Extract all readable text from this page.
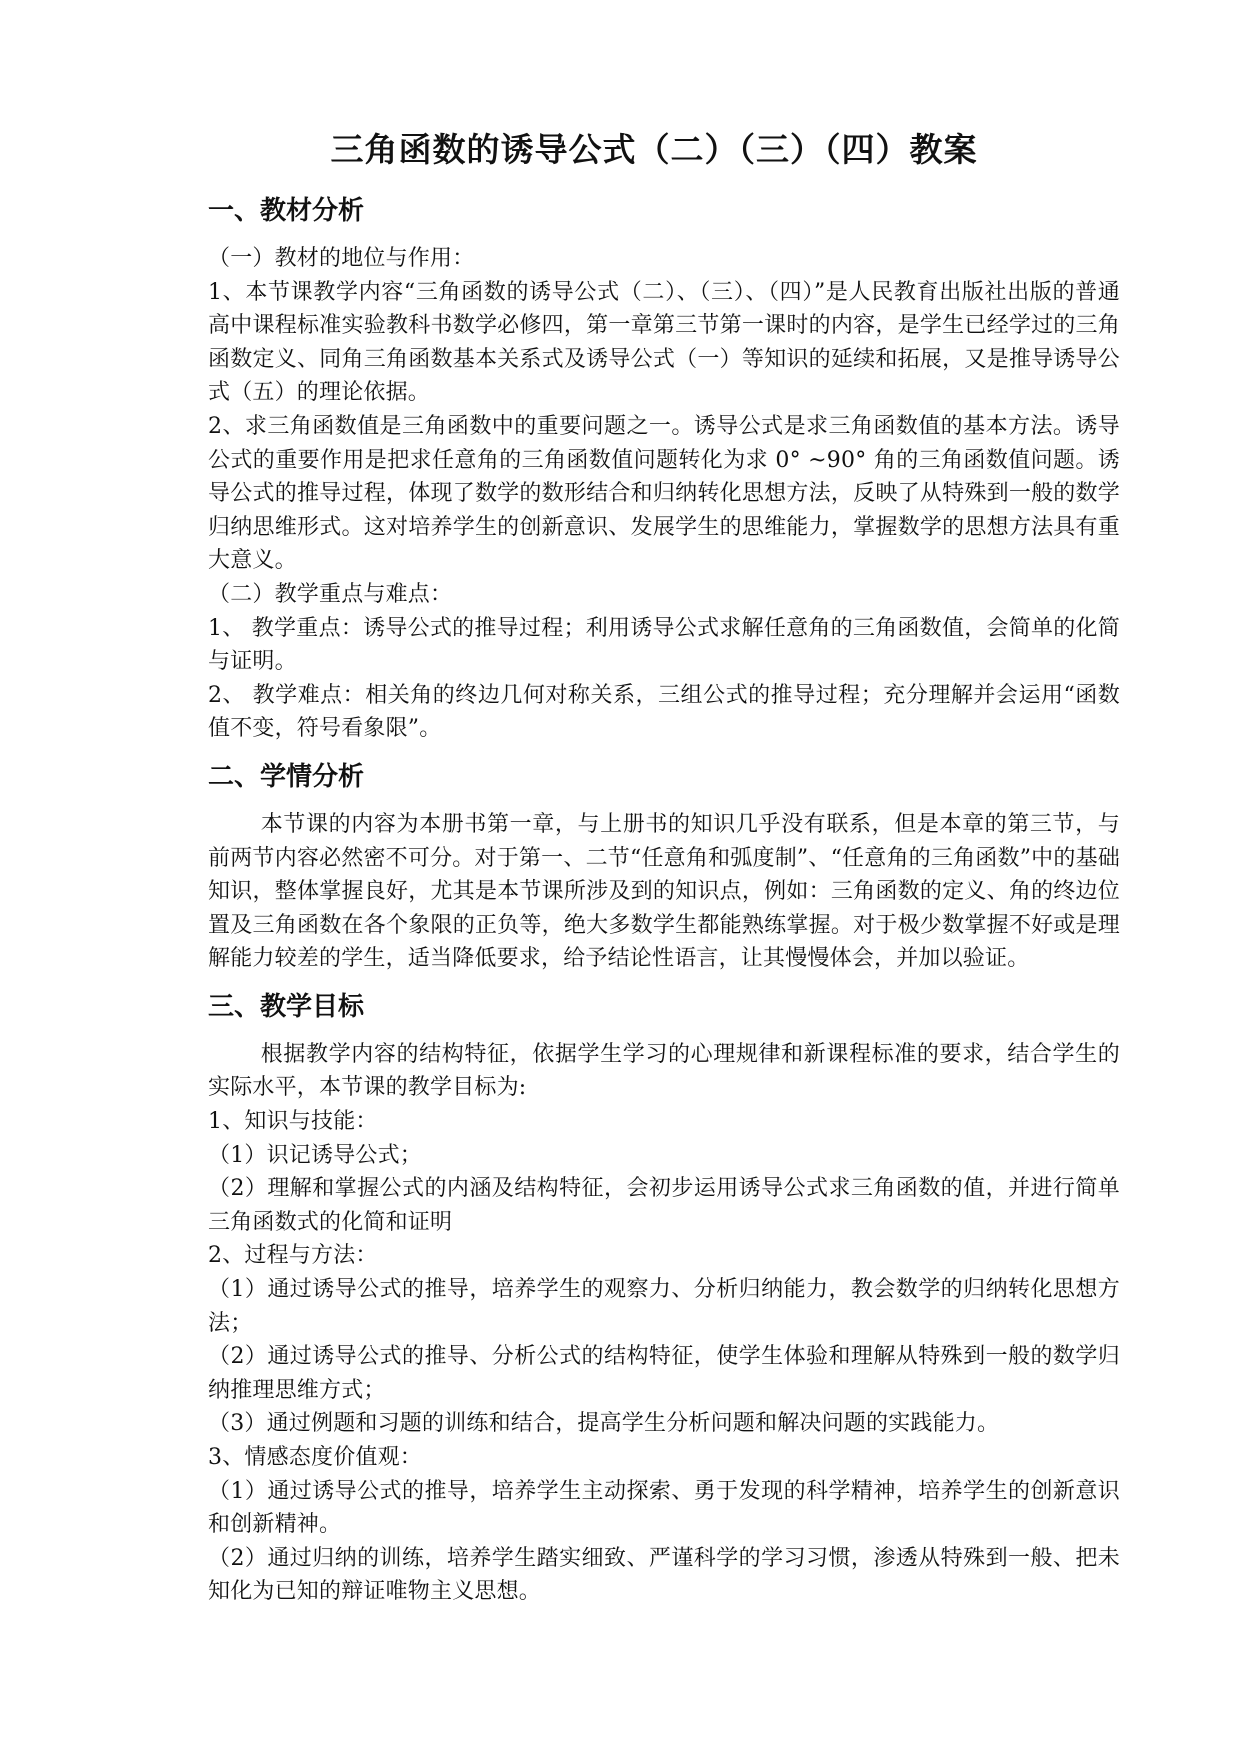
三角函数的诱导公式（二）（三）（四）教案
一、教材分析

（一）教材的地位与作用：

1、本节课教学内容“三角函数的诱导公式（二）、（三）、（四）”是人民教育出版社出版的普通高中课程标准实验教科书数学必修四，第一章第三节第一课时的内容，是学生已经学过的三角函数定义、同角三角函数基本关系式及诱导公式（一）等知识的延续和拓展，又是推导诱导公式（五）的理论依据。

2、求三角函数值是三角函数中的重要问题之一。诱导公式是求三角函数值的基本方法。诱导公式的重要作用是把求任意角的三角函数值问题转化为求 0° ~90° 角的三角函数值问题。诱导公式的推导过程，体现了数学的数形结合和归纳转化思想方法，反映了从特殊到一般的数学归纳思维形式。这对培养学生的创新意识、发展学生的思维能力，掌握数学的思想方法具有重大意义。

（二）教学重点与难点：

1、 教学重点：诱导公式的推导过程；利用诱导公式求解任意角的三角函数值，会简单的化简与证明。

2、 教学难点：相关角的终边几何对称关系，三组公式的推导过程；充分理解并会运用“函数值不变，符号看象限”。

二、学情分析

本节课的内容为本册书第一章，与上册书的知识几乎没有联系，但是本章的第三节，与前两节内容必然密不可分。对于第一、二节“任意角和弧度制”、“任意角的三角函数”中的基础知识，整体掌握良好，尤其是本节课所涉及到的知识点，例如：三角函数的定义、角的终边位置及三角函数在各个象限的正负等，绝大多数学生都能熟练掌握。对于极少数掌握不好或是理解能力较差的学生，适当降低要求，给予结论性语言，让其慢慢体会，并加以验证。

三、教学目标

根据教学内容的结构特征，依据学生学习的心理规律和新课程标准的要求，结合学生的实际水平，本节课的教学目标为:

1、知识与技能：

（1）识记诱导公式；

（2）理解和掌握公式的内涵及结构特征，会初步运用诱导公式求三角函数的值，并进行简单三角函数式的化简和证明

2、过程与方法：

（1）通过诱导公式的推导，培养学生的观察力、分析归纳能力，教会数学的归纳转化思想方法；

（2）通过诱导公式的推导、分析公式的结构特征，使学生体验和理解从特殊到一般的数学归纳推理思维方式；

（3）通过例题和习题的训练和结合，提高学生分析问题和解决问题的实践能力。

3、情感态度价值观：

（1）通过诱导公式的推导，培养学生主动探索、勇于发现的科学精神，培养学生的创新意识和创新精神。

（2）通过归纳的训练，培养学生踏实细致、严谨科学的学习习惯，渗透从特殊到一般、把未知化为已知的辩证唯物主义思想。
